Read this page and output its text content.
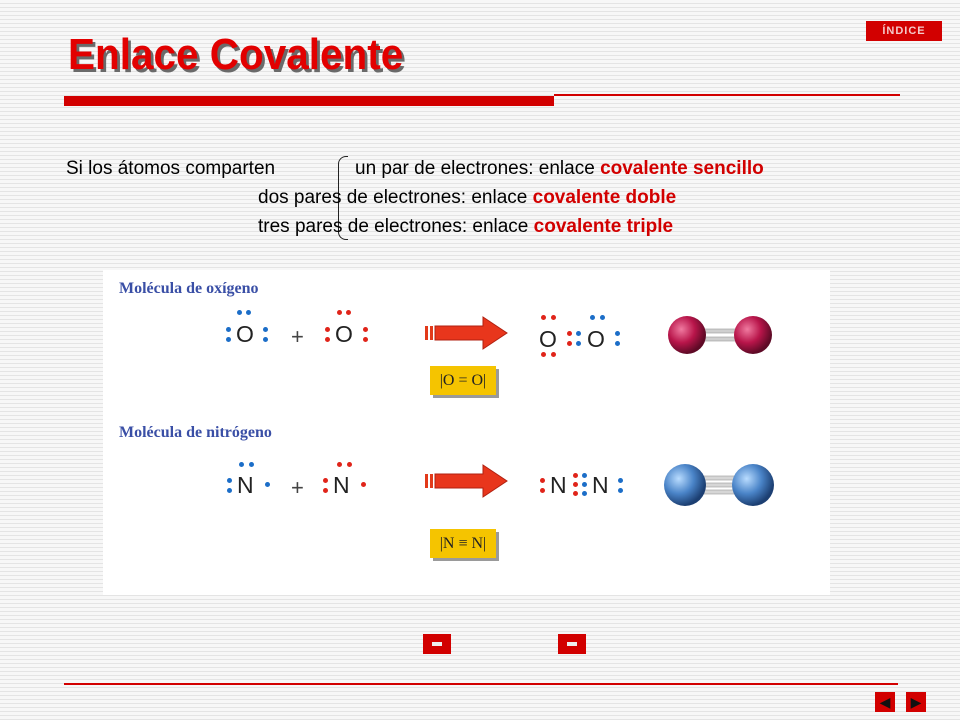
ÍNDICE
Enlace Covalente
Si los átomos comparten	un par de electrones: enlace covalente sencillo
dos pares de electrones: enlace covalente doble
tres pares de electrones: enlace covalente triple
Molécula de oxígeno
O + O	O O
|O = O|
Molécula de nitrógeno
N + N	N N
|N ≡ N|
◀	▶
